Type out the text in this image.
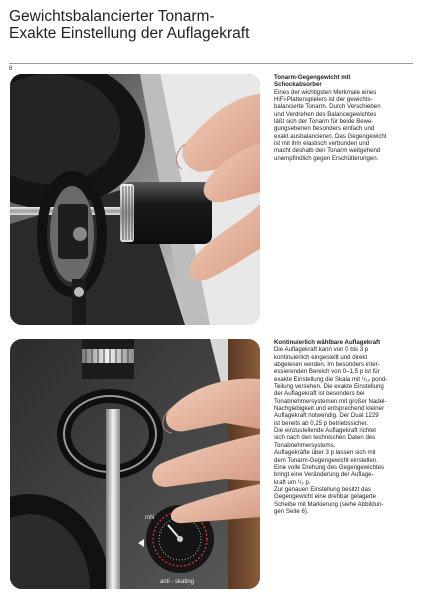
Gewichtsbalancierter Tonarm-
Exakte Einstellung der Auflagekraft
8
Tonarm-Gegengewicht mit
Schockabsorber

Eines der wichtigsten Merkmale eines
HiFi-Plattenspielers ist der gewichts-
balancierte Tonarm. Durch Verschieben
und Verdrehen des Balancegewichtes
läßt sich der Tonarm für beide Bewe-
gungsebenen besonders einfach und
exakt ausbalancieren. Das Gegengewicht
ist mit ihm elastisch verbunden und
macht deshalb den Tonarm weitgehend
unempfindlich gegen Erschütterungen.

mN
anti - skating
Kontinuierlich wählbare Auflagekraft

Die Auflagekraft kann von 0 bis 3 p
kontinuierlich eingestellt und direkt
abgelesen werden. Im besonders inter-
essierenden Bereich von 0–1,5 p ist für
exakte Einstellung die Skala mit ¹/₁₀ pond-
Teilung versehen. Die exakte Einstellung
der Auflagekraft ist besonders bei
Tonabnehmersystemen mit großer Nadel-
Nachgiebigkeit und entsprechend kleiner
Auflagekraft notwendig. Der Dual 1229
ist bereits ab 0,25 p betriebssicher.
Die einzustellende Auflagekraft richtet
sich nach den technischen Daten des
Tonabnehmersystems.
Auflagekräfte über 3 p lassen sich mit
dem Tonarm-Gegengewicht einstellen.
Eine volle Drehung des Gegengewichtes
bringt eine Veränderung der Auflage-
kraft um ¹/₂ p.
Zur genauen Einstellung besitzt das
Gegengewicht eine drehbar gelagerte
Scheibe mit Markierung (siehe Abbildun-
gen Seite 6).
